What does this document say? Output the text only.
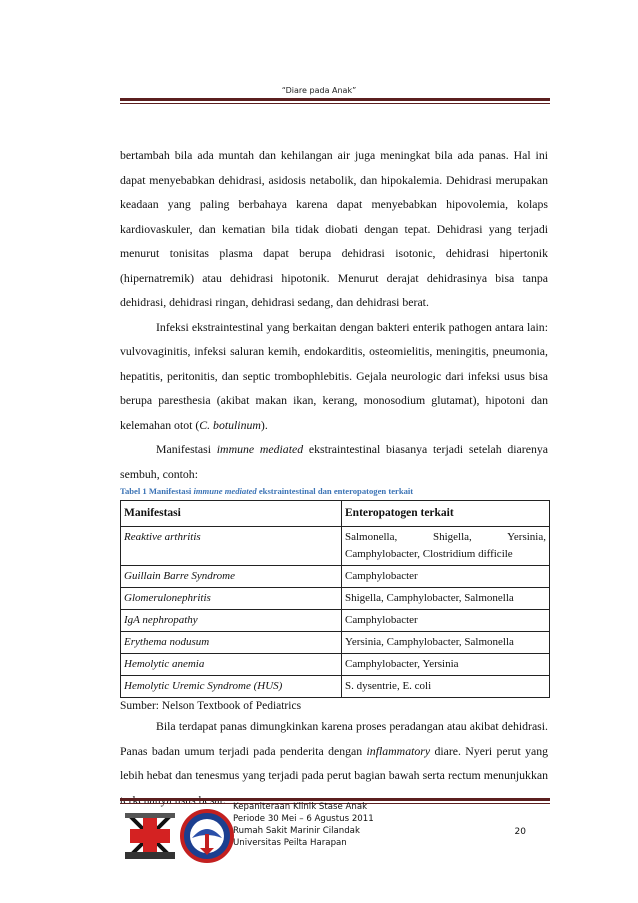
“Diare pada Anak”

bertambah bila ada muntah dan kehilangan air juga meningkat bila ada panas. Hal ini dapat menyebabkan dehidrasi, asidosis netabolik, dan hipokalemia. Dehidrasi merupakan keadaan yang paling berbahaya karena dapat menyebabkan hipovolemia, kolaps kardiovaskuler, dan kematian bila tidak diobati dengan tepat. Dehidrasi yang terjadi menurut tonisitas plasma dapat berupa dehidrasi isotonic, dehidrasi hipertonik (hipernatremik) atau dehidrasi hipotonik. Menurut derajat dehidrasinya bisa tanpa dehidrasi, dehidrasi ringan, dehidrasi sedang, dan dehidrasi berat.

Infeksi ekstraintestinal yang berkaitan dengan bakteri enterik pathogen antara lain: vulvovaginitis, infeksi saluran kemih, endokarditis, osteomielitis, meningitis, pneumonia, hepatitis, peritonitis, dan septic trombophlebitis. Gejala neurologic dari infeksi usus bisa berupa paresthesia (akibat makan ikan, kerang, monosodium glutamat), hipotoni dan kelemahan otot (C. botulinum).

Manifestasi immune mediated ekstraintestinal biasanya terjadi setelah diarenya sembuh, contoh:

Tabel 1 Manifestasi immune mediated ekstraintestinal dan enteropatogen terkait
Manifestasi	Enteropatogen terkait
Reaktive arthritis	Salmonella, Shigella, Yersinia, Camphylobacter, Clostridium difficile
Guillain Barre Syndrome	Camphylobacter
Glomerulonephritis	Shigella, Camphylobacter, Salmonella
IgA nephropathy	Camphylobacter
Erythema nodusum	Yersinia, Camphylobacter, Salmonella
Hemolytic anemia	Camphylobacter, Yersinia
Hemolytic Uremic Syndrome (HUS)	S. dysentrie, E. coli

Sumber: Nelson Textbook of Pediatrics

Bila terdapat panas dimungkinkan karena proses peradangan atau akibat dehidrasi. Panas badan umum terjadi pada penderita dengan inflammatory diare. Nyeri perut yang lebih hebat dan tenesmus yang terjadi pada perut bagian bawah serta rectum menunjukkan

Kepaniteraan Klinik Stase Anak
Periode 30 Mei – 6 Agustus 2011
Rumah Sakit Marinir Cilandak
Universitas Peilta Harapan
20
